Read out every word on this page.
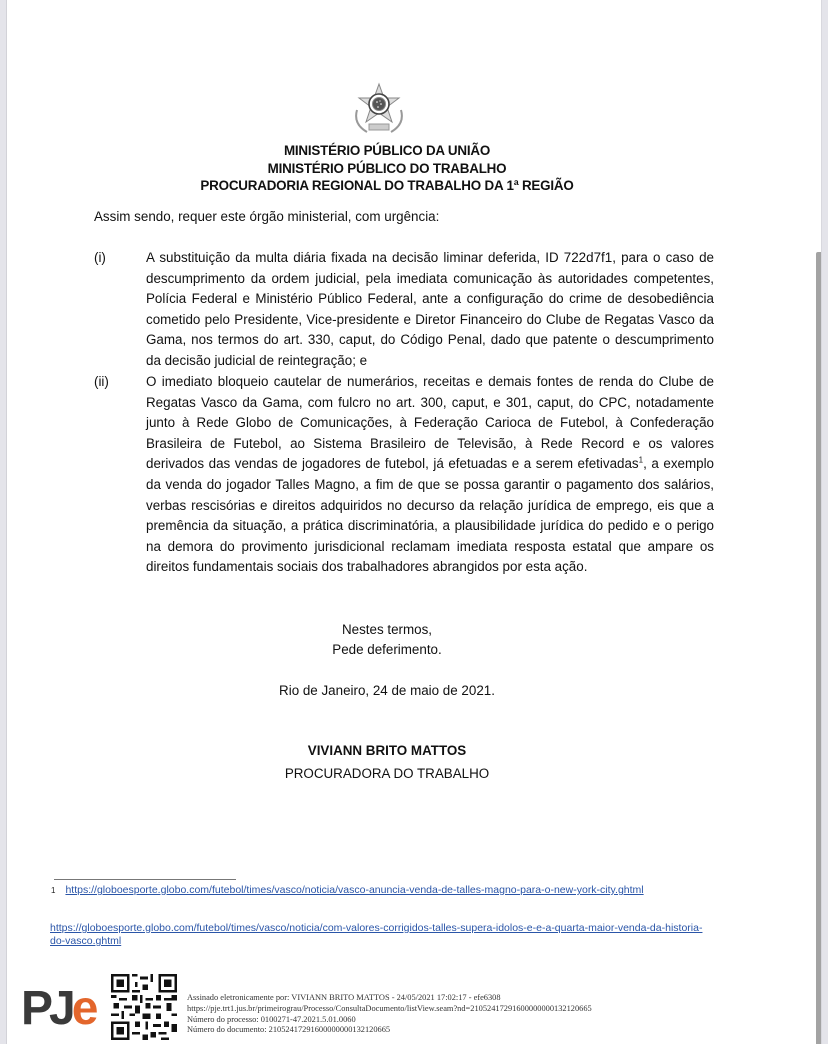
MINISTÉRIO PÚBLICO DA UNIÃO
MINISTÉRIO PÚBLICO DO TRABALHO
PROCURADORIA REGIONAL DO TRABALHO DA 1ª REGIÃO
Assim sendo, requer este órgão ministerial, com urgência:
(i)	A substituição da multa diária fixada na decisão liminar deferida, ID 722d7f1, para o caso de descumprimento da ordem judicial, pela imediata comunicação às autoridades competentes, Polícia Federal e Ministério Público Federal, ante a configuração do crime de desobediência cometido pelo Presidente, Vice-presidente e Diretor Financeiro do Clube de Regatas Vasco da Gama, nos termos do art. 330, caput, do Código Penal, dado que patente o descumprimento da decisão judicial de reintegração; e
(ii)	O imediato bloqueio cautelar de numerários, receitas e demais fontes de renda do Clube de Regatas Vasco da Gama, com fulcro no art. 300, caput, e 301, caput, do CPC, notadamente junto à Rede Globo de Comunicações, à Federação Carioca de Futebol, à Confederação Brasileira de Futebol, ao Sistema Brasileiro de Televisão, à Rede Record e os valores derivados das vendas de jogadores de futebol, já efetuadas e a serem efetivadas$^1$, a exemplo da venda do jogador Talles Magno, a fim de que se possa garantir o pagamento dos salários, verbas rescisórias e direitos adquiridos no decurso da relação jurídica de emprego, eis que a premência da situação, a prática discriminatória, a plausibilidade jurídica do pedido e o perigo na demora do provimento jurisdicional reclamam imediata resposta estatal que ampare os direitos fundamentais sociais dos trabalhadores abrangidos por esta ação.
Nestes termos,
Pede deferimento.
Rio de Janeiro, 24 de maio de 2021.
VIVIANN BRITO MATTOS
PROCURADORA DO TRABALHO
$^1$ https://globoesporte.globo.com/futebol/times/vasco/noticia/vasco-anuncia-venda-de-talles-magno-para-o-new-york-city.ghtml
https://globoesporte.globo.com/futebol/times/vasco/noticia/com-valores-corrigidos-talles-supera-idolos-e-e-a-quarta-maior-venda-da-historia-do-vasco.ghtml
PJe	Assinado eletronicamente por: VIVIANN BRITO MATTOS - 24/05/2021 17:02:17 - efe6308
https://pje.trt1.jus.br/primeirograu/Processo/ConsultaDocumento/listView.seam?nd=21052417291600000000132120665
Número do processo: 0100271-47.2021.5.01.0060
Número do documento: 21052417291600000000132120665
